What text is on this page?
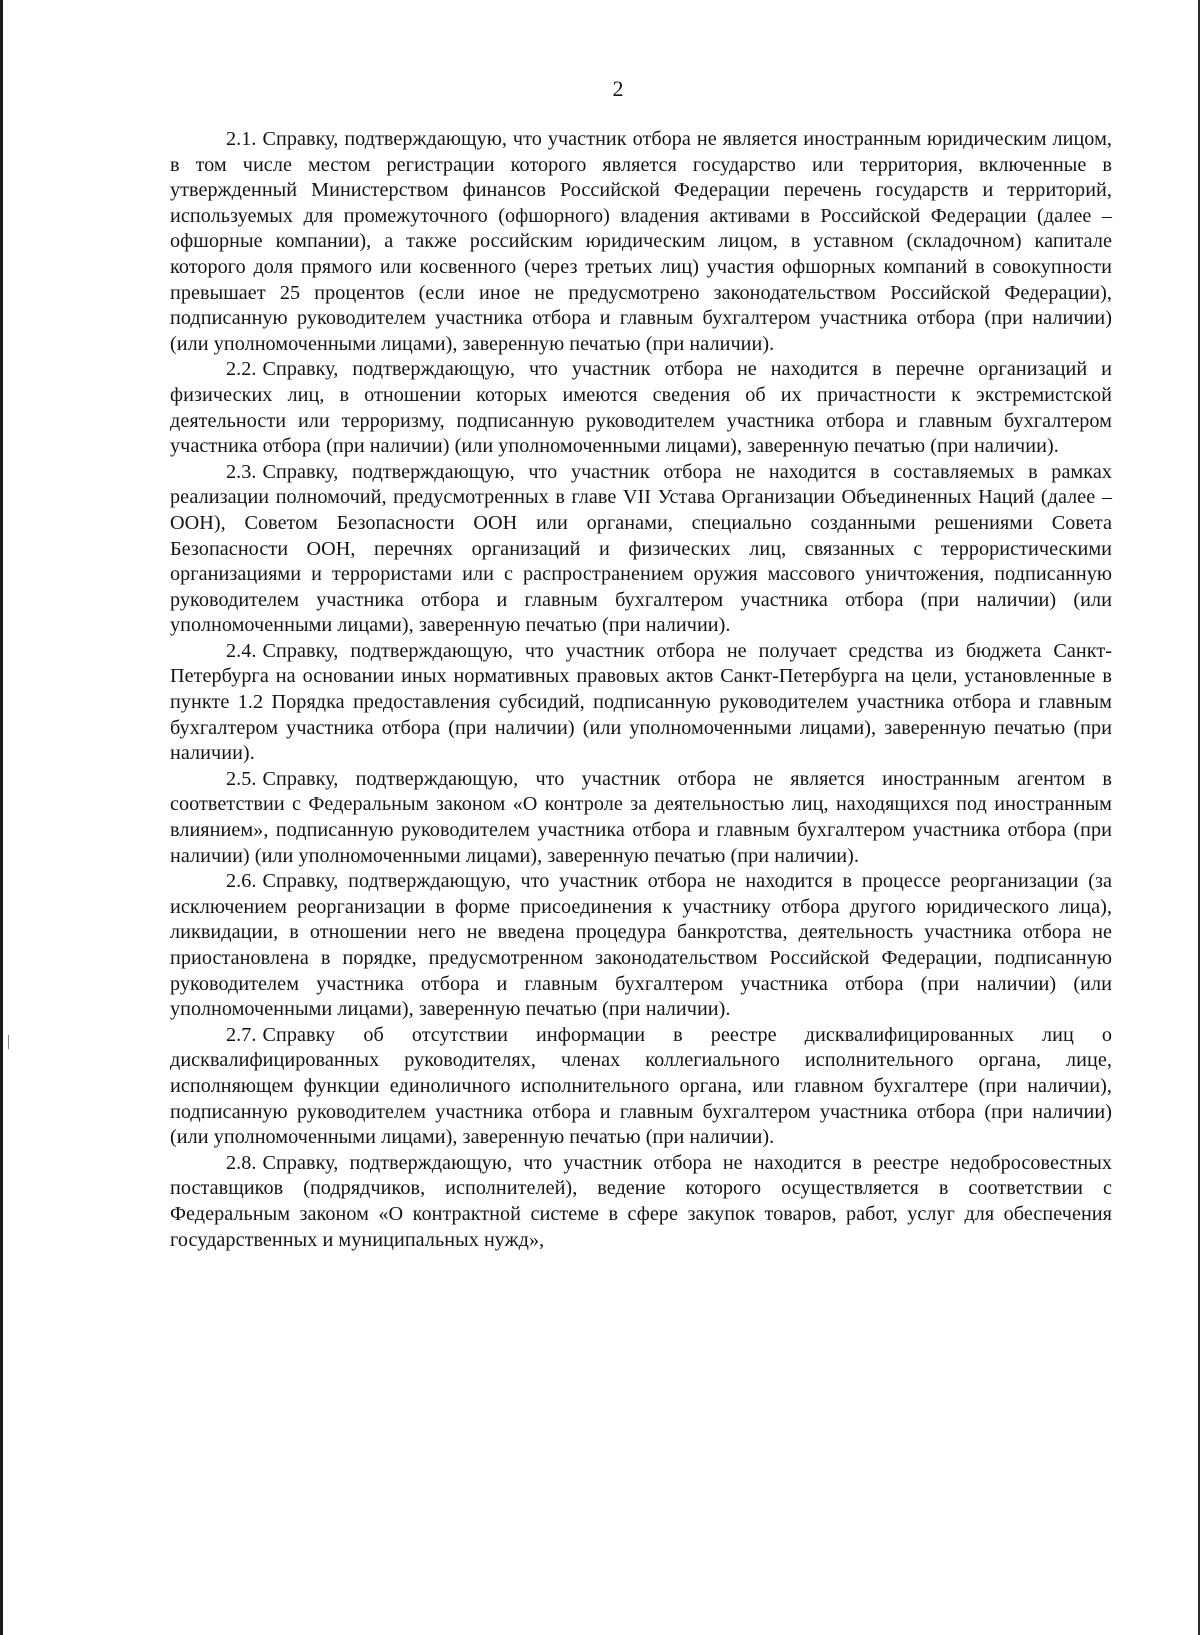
2

2.1. Справку, подтверждающую, что участник отбора не является иностранным юридическим лицом, в том числе местом регистрации которого является государство или территория, включенные в утвержденный Министерством финансов Российской Федерации перечень государств и территорий, используемых для промежуточного (офшорного) владения активами в Российской Федерации (далее – офшорные компании), а также российским юридическим лицом, в уставном (складочном) капитале которого доля прямого или косвенного (через третьих лиц) участия офшорных компаний в совокупности превышает 25 процентов (если иное не предусмотрено законодательством Российской Федерации), подписанную руководителем участника отбора и главным бухгалтером участника отбора (при наличии) (или уполномоченными лицами), заверенную печатью (при наличии).

2.2. Справку, подтверждающую, что участник отбора не находится в перечне организаций и физических лиц, в отношении которых имеются сведения об их причастности к экстремистской деятельности или терроризму, подписанную руководителем участника отбора и главным бухгалтером участника отбора (при наличии) (или уполномоченными лицами), заверенную печатью (при наличии).

2.3. Справку, подтверждающую, что участник отбора не находится в составляемых в рамках реализации полномочий, предусмотренных в главе VII Устава Организации Объединенных Наций (далее – ООН), Советом Безопасности ООН или органами, специально созданными решениями Совета Безопасности ООН, перечнях организаций и физических лиц, связанных с террористическими организациями и террористами или с распространением оружия массового уничтожения, подписанную руководителем участника отбора и главным бухгалтером участника отбора (при наличии) (или уполномоченными лицами), заверенную печатью (при наличии).

2.4. Справку, подтверждающую, что участник отбора не получает средства из бюджета Санкт-Петербурга на основании иных нормативных правовых актов Санкт-Петербурга на цели, установленные в пункте 1.2 Порядка предоставления субсидий, подписанную руководителем участника отбора и главным бухгалтером участника отбора (при наличии) (или уполномоченными лицами), заверенную печатью (при наличии).

2.5. Справку, подтверждающую, что участник отбора не является иностранным агентом в соответствии с Федеральным законом «О контроле за деятельностью лиц, находящихся под иностранным влиянием», подписанную руководителем участника отбора и главным бухгалтером участника отбора (при наличии) (или уполномоченными лицами), заверенную печатью (при наличии).

2.6. Справку, подтверждающую, что участник отбора не находится в процессе реорганизации (за исключением реорганизации в форме присоединения к участнику отбора другого юридического лица), ликвидации, в отношении него не введена процедура банкротства, деятельность участника отбора не приостановлена в порядке, предусмотренном законодательством Российской Федерации, подписанную руководителем участника отбора и главным бухгалтером участника отбора (при наличии) (или уполномоченными лицами), заверенную печатью (при наличии).

2.7. Справку об отсутствии информации в реестре дисквалифицированных лиц о дисквалифицированных руководителях, членах коллегиального исполнительного органа, лице, исполняющем функции единоличного исполнительного органа, или главном бухгалтере (при наличии), подписанную руководителем участника отбора и главным бухгалтером участника отбора (при наличии) (или уполномоченными лицами), заверенную печатью (при наличии).

2.8. Справку, подтверждающую, что участник отбора не находится в реестре недобросовестных поставщиков (подрядчиков, исполнителей), ведение которого осуществляется в соответствии с Федеральным законом «О контрактной системе в сфере закупок товаров, работ, услуг для обеспечения государственных и муниципальных нужд»,
